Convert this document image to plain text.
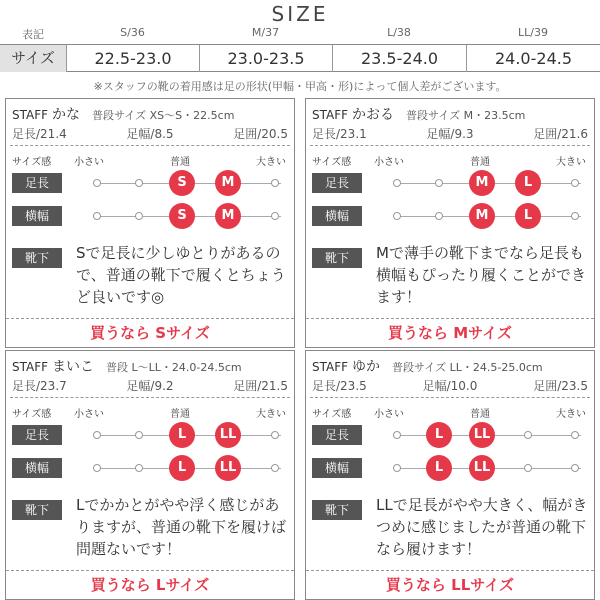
SIZE
表記	S/36	M/37	L/38	LL/39
サイズ	22.5-23.0	23.0-23.5	23.5-24.0	24.0-24.5
※スタッフの靴の着用感は足の形状(甲幅・甲高・形)によって個人差がございます。
STAFF かな 普段サイズ XS〜S・22.5cm
足長/21.4	足幅/8.5	足囲/20.5
サイズ感 小さい	普通	大きい
足長	S	M
横幅	S	M
靴下	Sで足長に少しゆとりがあるので、普通の靴下で履くとちょうど良いです◎
買うなら Sサイズ
STAFF かおる 普段サイズ M・23.5cm
足長/23.1	足幅/9.3	足囲/21.6
サイズ感 小さい	普通	大きい
足長	M	L
横幅	M	L
靴下	Mで薄手の靴下までなら足長も横幅もぴったり履くことができます！
買うなら Mサイズ
STAFF まいこ 普段 L〜LL・24.0-24.5cm
足長/23.7	足幅/9.2	足囲/21.5
サイズ感 小さい	普通	大きい
足長	L	LL
横幅	L	LL
靴下	Lでかかとがやや浮く感じがありますが、普通の靴下を履けば問題ないです！
買うなら Lサイズ
STAFF ゆか 普段サイズ LL・24.5-25.0cm
足長/23.5	足幅/10.0	足囲/23.5
サイズ感 小さい	普通	大きい
足長	L	LL
横幅	L	LL
靴下	LLで足長がやや大きく、幅がきつめに感じましたが普通の靴下なら履けます！
買うなら LLサイズ
